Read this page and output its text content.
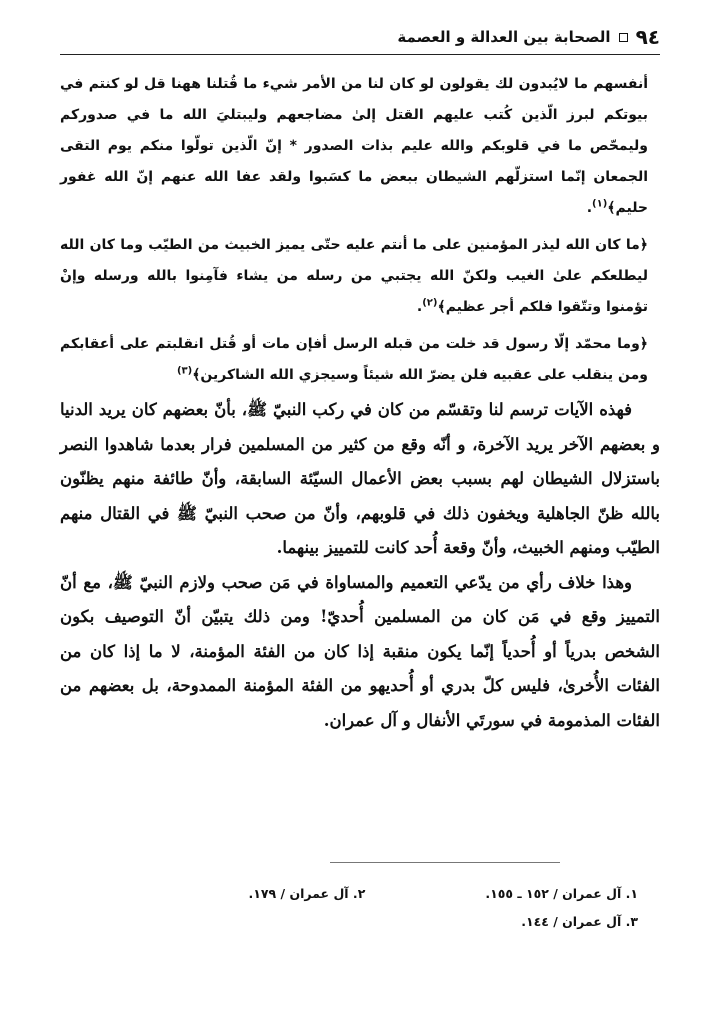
٩٤
الصحابة بين العدالة و العصمة

أنفسهم ما لايُبدون لك يقولون لو كان لنا من الأمر شيء ما قُتلنا ههنا قل لو كنتم في بيوتكم لبرز الّذين كُتب عليهم القتل إلىٰ مضاجعهم وليبتليَ الله ما في صدوركم وليمحّص ما في قلوبكم والله عليم بذات الصدور * إنّ الّذين تولّوا منكم يوم التقى الجمعان إنّما استزلّهم الشيطان ببعض ما كسَبوا ولقد عفا الله عنهم إنّ الله غفور حليم﴾$^{(١)}$.

﴿ما كان الله ليذر المؤمنين على ما أنتم عليه حتّى يميز الخبيث من الطيّب وما كان الله ليطلعكم علىٰ الغيب ولكنّ الله يجتبي من رسله من يشاء فآمِنوا بالله ورسله وإنْ تؤمنوا وتتّقوا فلكم أجر عظيم﴾$^{(٢)}$.

﴿وما محمّد إلّا رسول قد خلت من قبله الرسل أفإن مات أو قُتل انقلبتم على أعقابكم ومن ينقلب على عقبيه فلن يضرّ الله شيئاً وسيجزي الله الشاكرين﴾$^{(٣)}$

فهذه الآيات ترسم لنا وتقسّم من كان في ركب النبيّ ﷺ، بأنّ بعضهم كان يريد الدنيا و بعضهم الآخر يريد الآخرة، و أنّه وقع من كثير من المسلمين فرار بعدما شاهدوا النصر باستزلال الشيطان لهم بسبب بعض الأعمال السيّئة السابقة، وأنّ طائفة منهم يظنّون بالله ظنّ الجاهلية ويخفون ذلك في قلوبهم، وأنّ من صحب النبيّ ﷺ في القتال منهم الطيّب ومنهم الخبيث، وأنّ وقعة أُحد كانت للتمييز بينهما.

وهذا خلاف رأي من يدّعي التعميم والمساواة في مَن صحب ولازم النبيّ ﷺ، مع أنّ التمييز وقع في مَن كان من المسلمين أُحديّ! ومن ذلك يتبيّن أنّ التوصيف بكون الشخص بدرياً أو أُحدياً إنّما يكون منقبة إذا كان من الفئة المؤمنة، لا ما إذا كان من الفئات الأُخرىٰ، فليس كلّ بدري أو أُحديهو من الفئة المؤمنة الممدوحة، بل بعضهم من الفئات المذمومة في سورتَي الأنفال و آل عمران.

١. آل عمران / ١٥٢ ـ ١٥٥.
٢. آل عمران / ١٧٩.
٣. آل عمران / ١٤٤.
